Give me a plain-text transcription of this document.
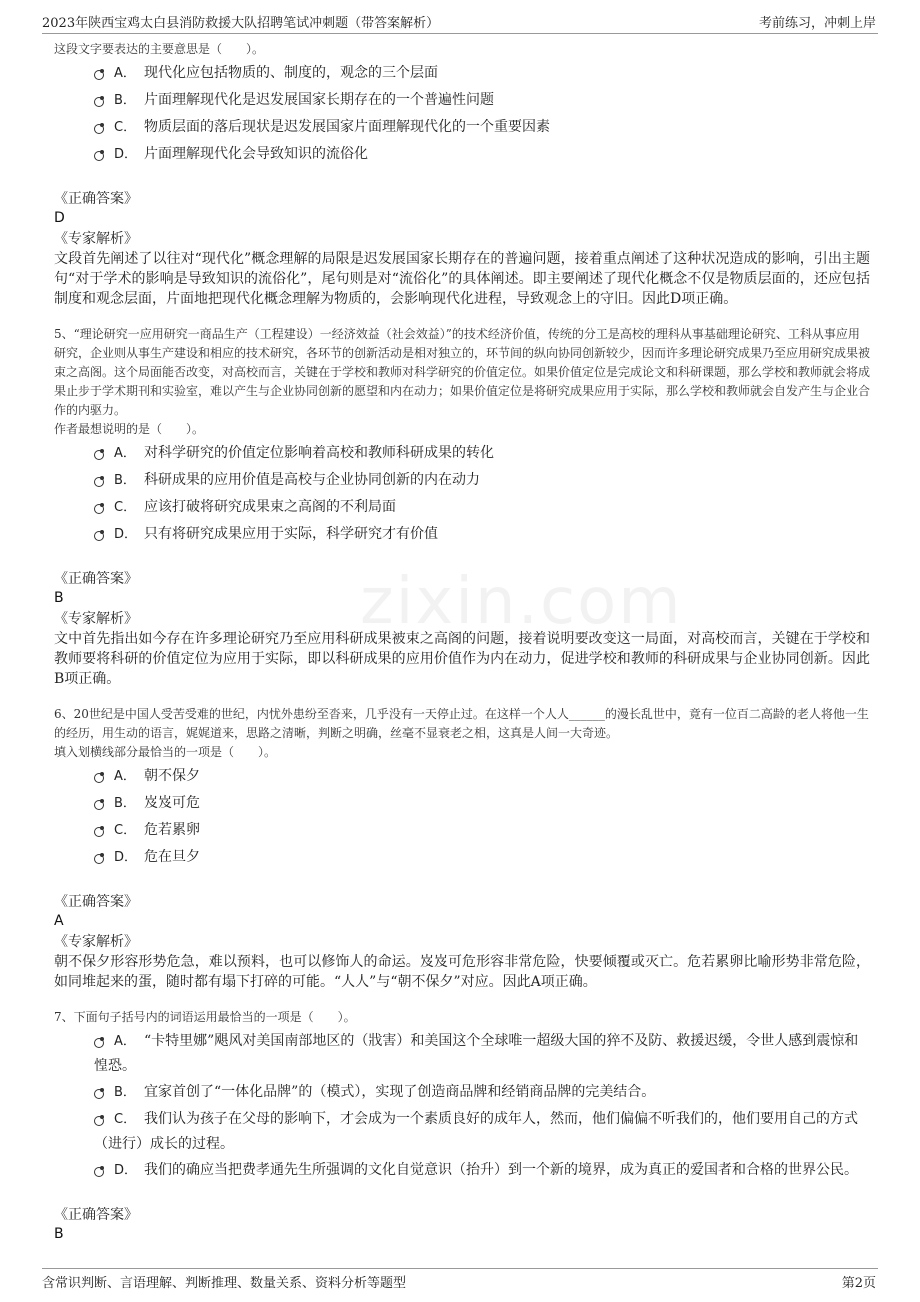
2023年陕西宝鸡太白县消防救援大队招聘笔试冲刺题（带答案解析）	考前练习，冲刺上岸
zixin.com

这段文字要表达的主要意思是（　　）。

A． 现代化应包括物质的、制度的，观念的三个层面
B． 片面理解现代化是迟发展国家长期存在的一个普遍性问题
C． 物质层面的落后现状是迟发展国家片面理解现代化的一个重要因素
D． 片面理解现代化会导致知识的流俗化

《正确答案》

D

《专家解析》

文段首先阐述了以往对“现代化”概念理解的局限是迟发展国家长期存在的普遍问题，接着重点阐述了这种状况造成的影响，引出主题句“对于学术的影响是导致知识的流俗化”，尾句则是对“流俗化”的具体阐述。即主要阐述了现代化概念不仅是物质层面的，还应包括制度和观念层面，片面地把现代化概念理解为物质的，会影响现代化进程，导致观念上的守旧。因此D项正确。

5、“理论研究一应用研究一商品生产（工程建设）一经济效益（社会效益）”的技术经济价值，传统的分工是高校的理科从事基础理论研究、工科从事应用研究，企业则从事生产建设和相应的技术研究，各环节的创新活动是相对独立的，环节间的纵向协同创新较少，因而许多理论研究成果乃至应用研究成果被束之高阁。这个局面能否改变，对高校而言，关键在于学校和教师对科学研究的价值定位。如果价值定位是完成论文和科研课题，那么学校和教师就会将成果止步于学术期刊和实验室，难以产生与企业协同创新的愿望和内在动力；如果价值定位是将研究成果应用于实际，那么学校和教师就会自发产生与企业合作的内驱力。

作者最想说明的是（　　）。

A． 对科学研究的价值定位影响着高校和教师科研成果的转化
B． 科研成果的应用价值是高校与企业协同创新的内在动力
C． 应该打破将研究成果束之高阁的不利局面
D． 只有将研究成果应用于实际，科学研究才有价值

《正确答案》

B

《专家解析》

文中首先指出如今存在许多理论研究乃至应用科研成果被束之高阁的问题，接着说明要改变这一局面，对高校而言，关键在于学校和教师要将科研的价值定位为应用于实际，即以科研成果的应用价值作为内在动力，促进学校和教师的科研成果与企业协同创新。因此B项正确。

6、20世纪是中国人受苦受难的世纪，内忧外患纷至沓来，几乎没有一天停止过。在这样一个人人______的漫长乱世中，竟有一位百二高龄的老人将他一生的经历，用生动的语言，娓娓道来，思路之清晰，判断之明确，丝毫不显衰老之相，这真是人间一大奇迹。

填入划横线部分最恰当的一项是（　　）。

A． 朝不保夕
B． 岌岌可危
C． 危若累卵
D． 危在旦夕

《正确答案》

A

《专家解析》

朝不保夕形容形势危急，难以预料，也可以修饰人的命运。岌岌可危形容非常危险，快要倾覆或灭亡。危若累卵比喻形势非常危险，如同堆起来的蛋，随时都有塌下打碎的可能。“人人”与“朝不保夕”对应。因此A项正确。

7、下面句子括号内的词语运用最恰当的一项是（　　）。

A． “卡特里娜”飓风对美国南部地区的（戕害）和美国这个全球唯一超级大国的猝不及防、救援迟缓，令世人感到震惊和惶恐。
B． 宜家首创了“一体化品牌”的（模式），实现了创造商品牌和经销商品牌的完美结合。
C． 我们认为孩子在父母的影响下，才会成为一个素质良好的成年人，然而，他们偏偏不听我们的，他们要用自己的方式（进行）成长的过程。
D． 我们的确应当把费孝通先生所强调的文化自觉意识（抬升）到一个新的境界，成为真正的爱国者和合格的世界公民。

《正确答案》

B

含常识判断、言语理解、判断推理、数量关系、资料分析等题型	第2页
